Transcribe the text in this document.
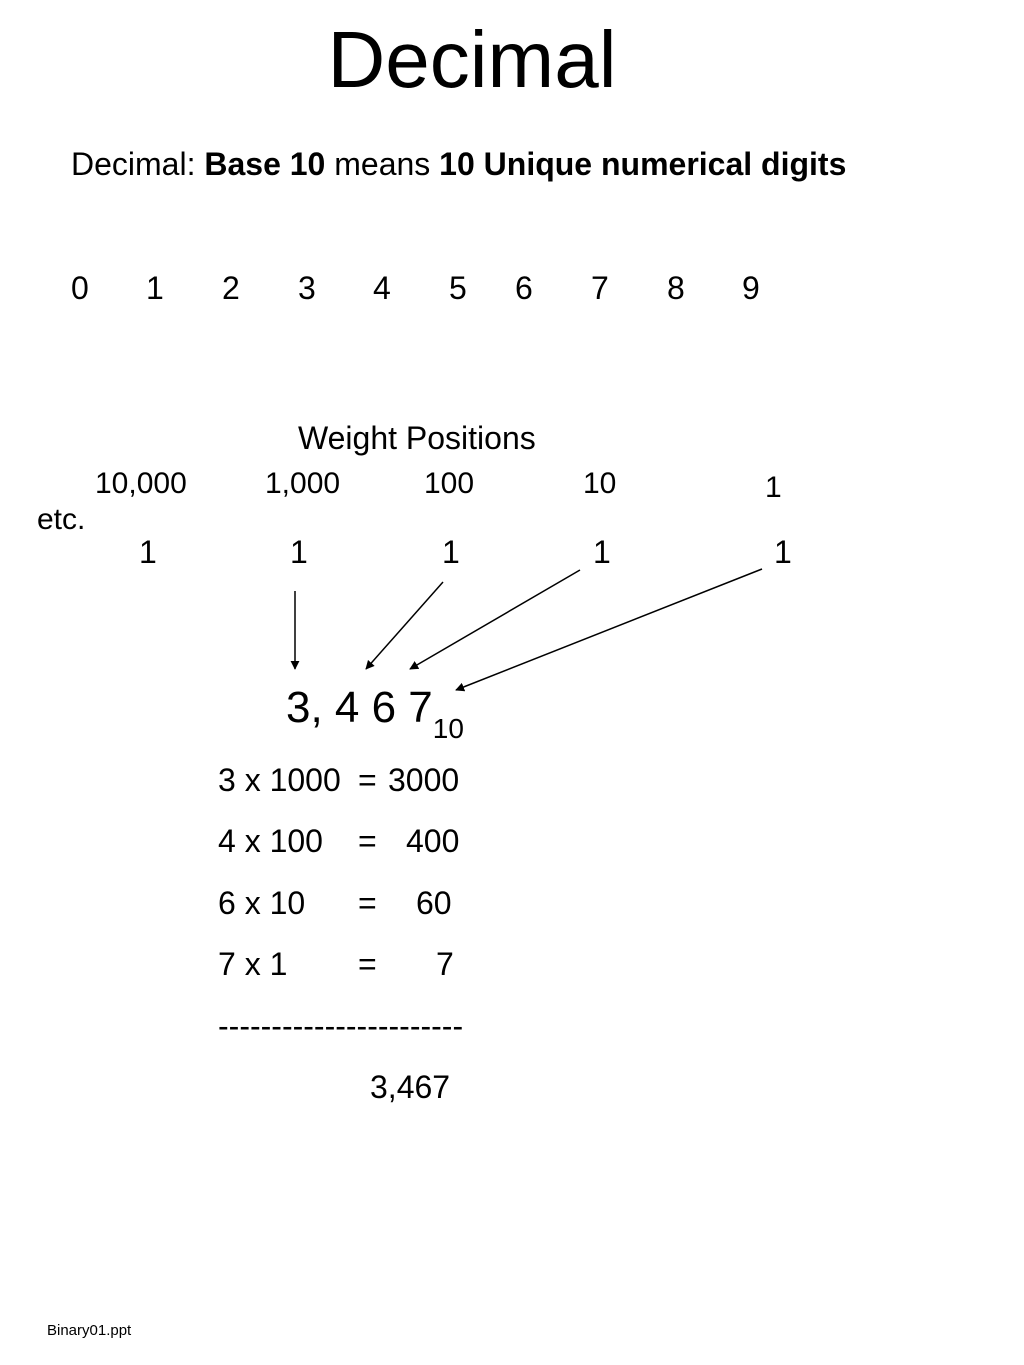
Decimal
Decimal: Base 10 means 10 Unique numerical digits
0 1 2 3 4 5 6 7 8 9
Weight Positions
10,000	1,000	100	10	1
etc.
1	1	1	1	1
3, 4 6 $7_{10}$
3 x 1000 = 3000
4 x 100 = 400
6 x 10 = 60
7 x 1 = 7
-----------------------
3,467
Binary01.ppt
